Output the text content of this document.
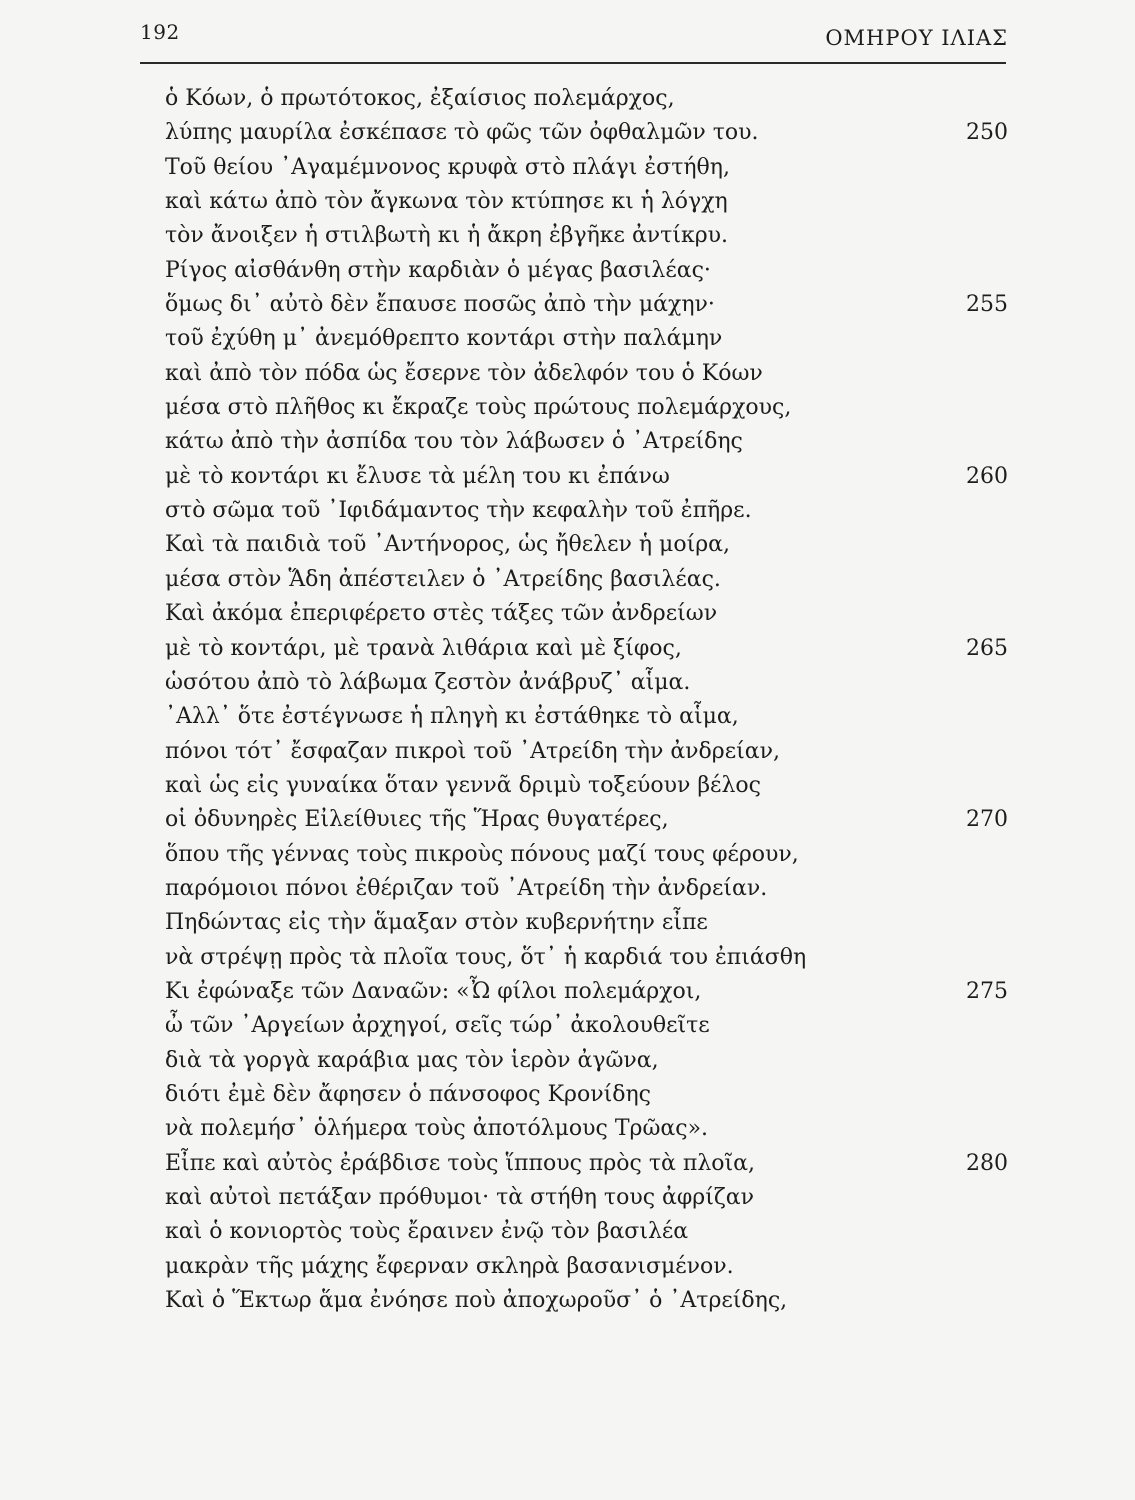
192	ΟΜΗΡΟΥ ΙΛΙΑΣ
ὁ Κόων, ὁ πρωτότοκος, ἐξαίσιος πολεμάρχος,
λύπης μαυρίλα ἐσκέπασε τὸ φῶς τῶν ὀφθαλμῶν του.	250
Τοῦ θείου ᾿Αγαμέμνονος κρυφὰ στὸ πλάγι ἐστήθη,
καὶ κάτω ἀπὸ τὸν ἄγκωνα τὸν κτύπησε κι ἡ λόγχη
τὸν ἄνοιξεν ἡ στιλβωτὴ κι ἡ ἄκρη ἐβγῆκε ἀντίκρυ.
Ρίγος αἰσθάνθη στὴν καρδιὰν ὁ μέγας βασιλέας·
ὅμως δι᾿ αὐτὸ δὲν ἔπαυσε ποσῶς ἀπὸ τὴν μάχην·	255
τοῦ ἐχύθη μ᾿ ἀνεμόθρεπτο κοντάρι στὴν παλάμην
καὶ ἀπὸ τὸν πόδα ὡς ἔσερνε τὸν ἀδελφόν του ὁ Κόων
μέσα στὸ πλῆθος κι ἔκραζε τοὺς πρώτους πολεμάρχους,
κάτω ἀπὸ τὴν ἀσπίδα του τὸν λάβωσεν ὁ ᾿Ατρείδης
μὲ τὸ κοντάρι κι ἔλυσε τὰ μέλη του κι ἐπάνω	260
στὸ σῶμα τοῦ ᾿Ιφιδάμαντος τὴν κεφαλὴν τοῦ ἐπῆρε.
Καὶ τὰ παιδιὰ τοῦ ᾿Αντήνορος, ὡς ἤθελεν ἡ μοίρα,
μέσα στὸν Ἅδη ἀπέστειλεν ὁ ᾿Ατρείδης βασιλέας.
Καὶ ἀκόμα ἐπεριφέρετο στὲς τάξες τῶν ἀνδρείων
μὲ τὸ κοντάρι, μὲ τρανὰ λιθάρια καὶ μὲ ξίφος,	265
ὡσότου ἀπὸ τὸ λάβωμα ζεστὸν ἀνάβρυζ᾿ αἷμα.
᾿Αλλ᾿ ὅτε ἐστέγνωσε ἡ πληγὴ κι ἐστάθηκε τὸ αἷμα,
πόνοι τότ᾿ ἔσφαζαν πικροὶ τοῦ ᾿Ατρείδη τὴν ἀνδρείαν,
καὶ ὡς εἰς γυναίκα ὅταν γεννᾶ δριμὺ τοξεύουν βέλος
οἱ ὀδυνηρὲς Εἰλείθυιες τῆς Ἥρας θυγατέρες,	270
ὅπου τῆς γέννας τοὺς πικροὺς πόνους μαζί τους φέρουν,
παρόμοιοι πόνοι ἐθέριζαν τοῦ ᾿Ατρείδη τὴν ἀνδρείαν.
Πηδώντας εἰς τὴν ἅμαξαν στὸν κυβερνήτην εἶπε
νὰ στρέψῃ πρὸς τὰ πλοῖα τους, ὅτ᾿ ἡ καρδιά του ἐπιάσθη
Κι ἐφώναξε τῶν Δαναῶν: «Ὦ φίλοι πολεμάρχοι,	275
ὦ τῶν ᾿Αργείων ἀρχηγοί, σεῖς τώρ᾿ ἀκολουθεῖτε
διὰ τὰ γοργὰ καράβια μας τὸν ἱερὸν ἀγῶνα,
διότι ἐμὲ δὲν ἄφησεν ὁ πάνσοφος Κρονίδης
νὰ πολεμήσ᾿ ὁλήμερα τοὺς ἀποτόλμους Τρῶας».
Εἶπε καὶ αὐτὸς ἐράβδισε τοὺς ἵππους πρὸς τὰ πλοῖα,	280
καὶ αὐτοὶ πετάξαν πρόθυμοι· τὰ στήθη τους ἀφρίζαν
καὶ ὁ κονιορτὸς τοὺς ἔραινεν ἐνῷ τὸν βασιλέα
μακρὰν τῆς μάχης ἔφερναν σκληρὰ βασανισμένον.
Καὶ ὁ Ἕκτωρ ἅμα ἐνόησε ποὺ ἀποχωροῦσ᾿ ὁ ᾿Ατρείδης,
